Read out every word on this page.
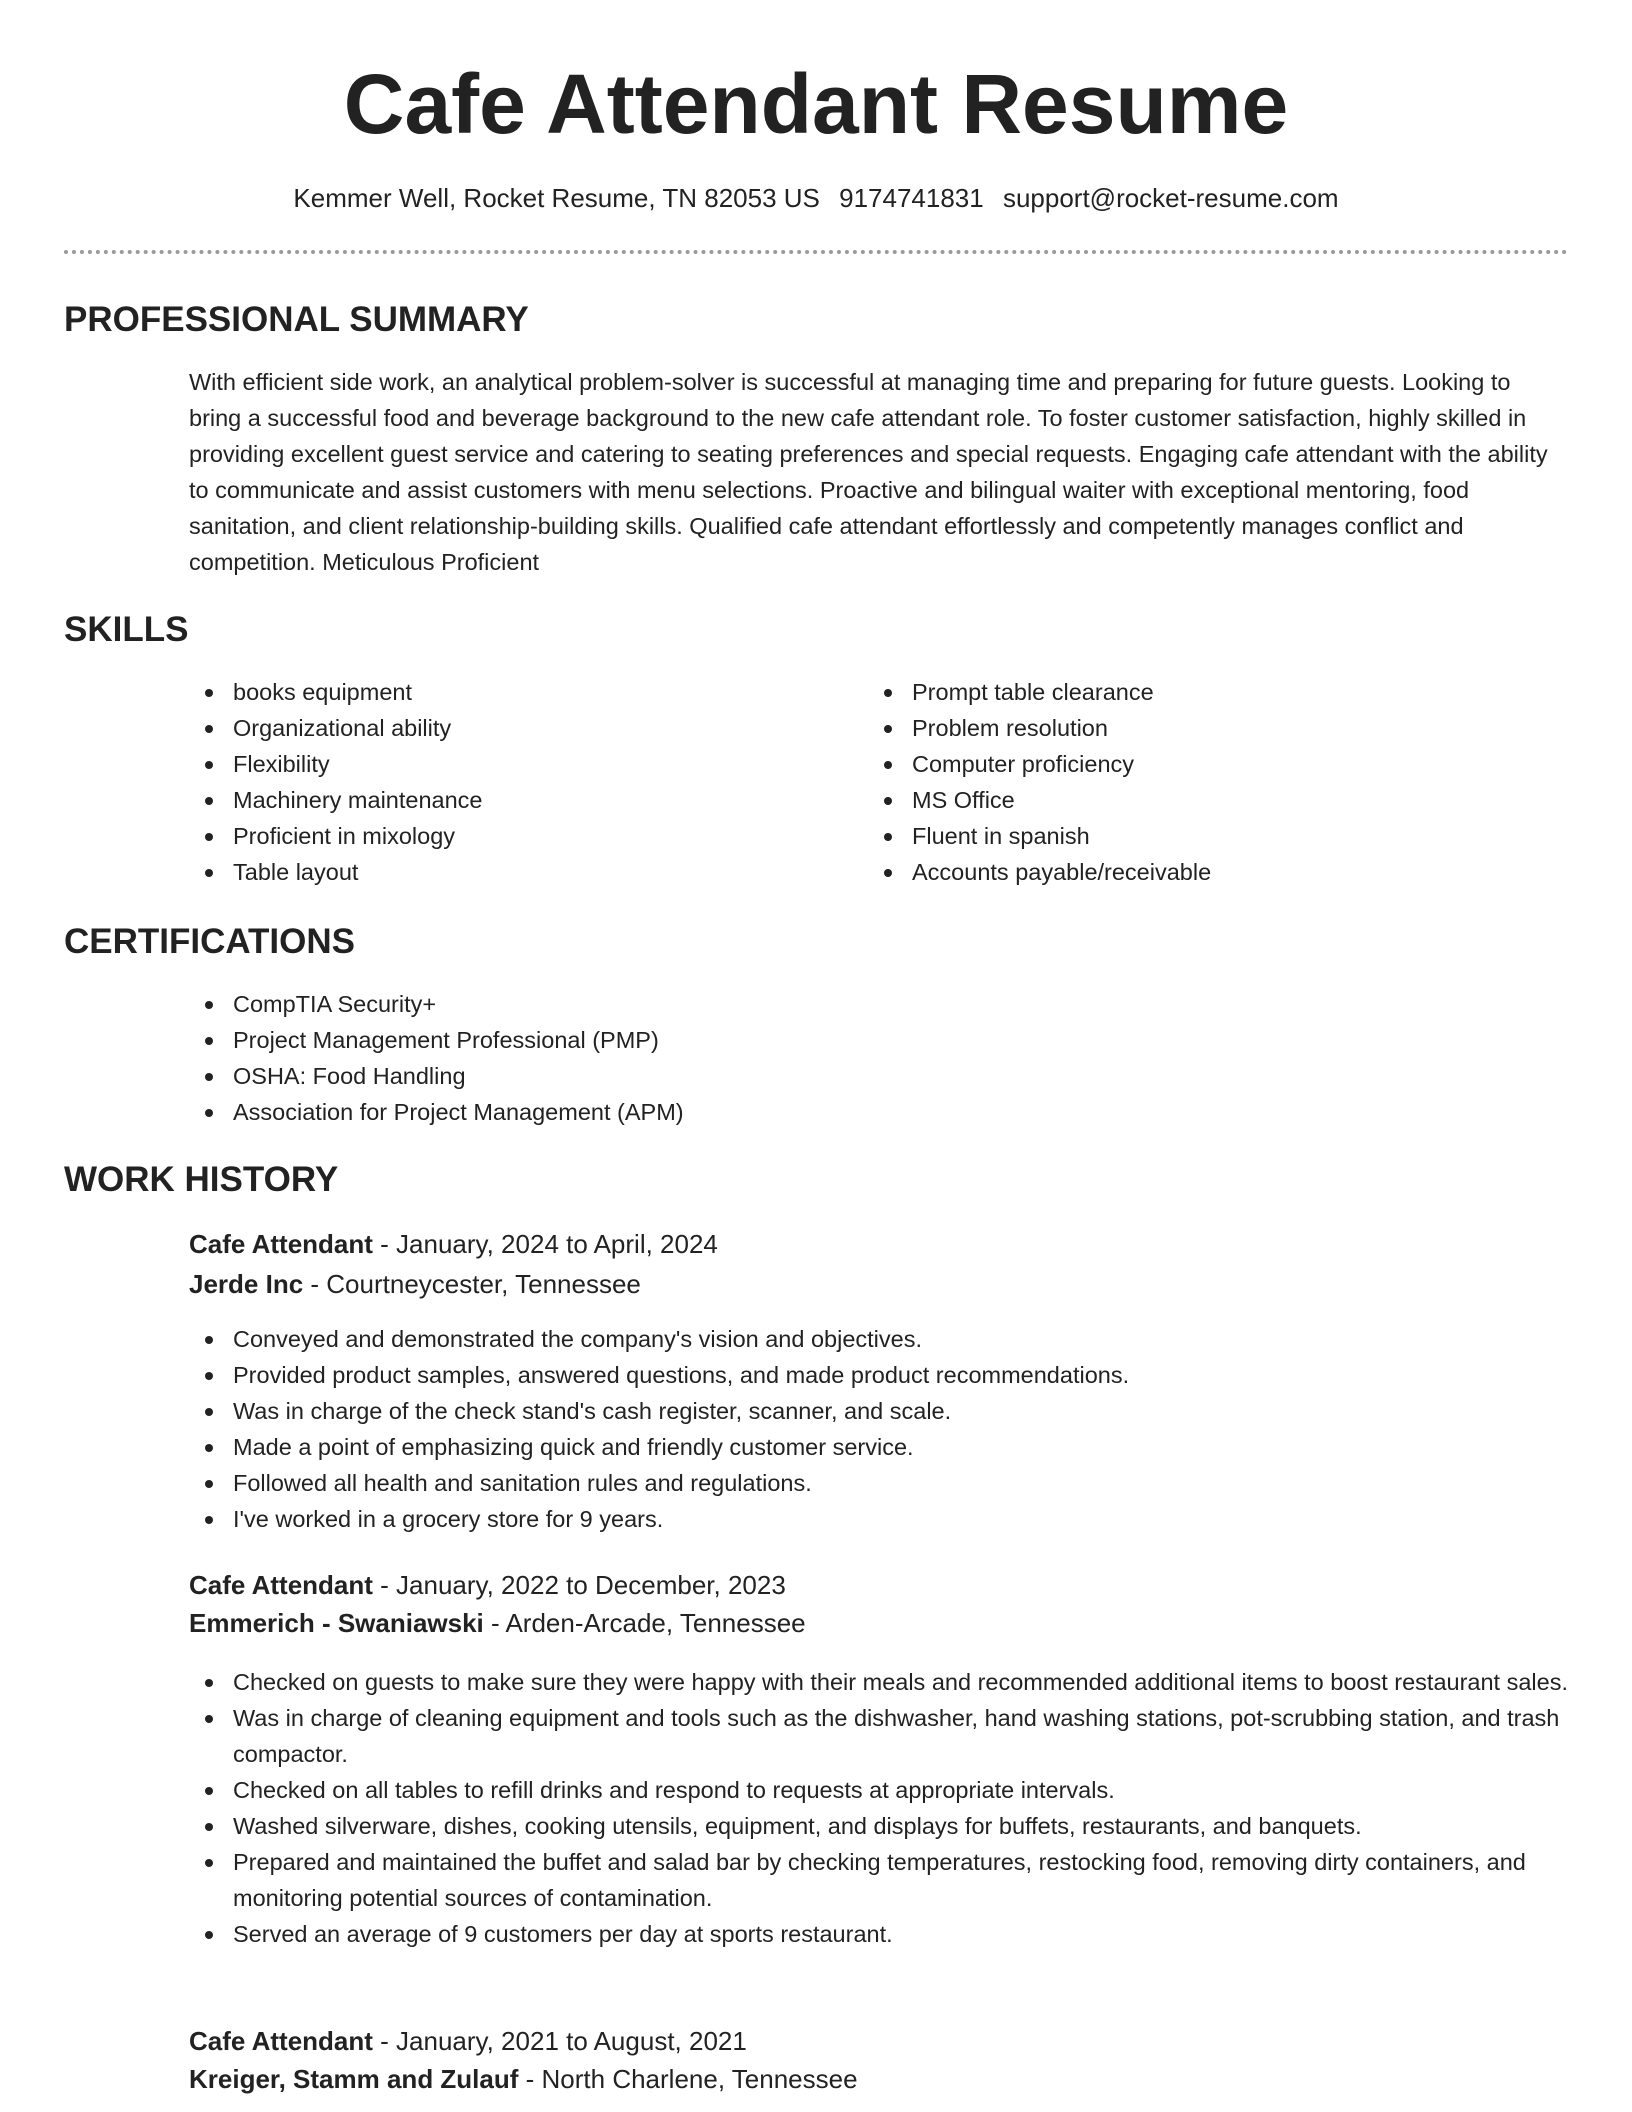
Cafe Attendant Resume
Kemmer Well, Rocket Resume, TN 82053 US 9174741831 support@rocket-resume.com
PROFESSIONAL SUMMARY

With efficient side work, an analytical problem-solver is successful at managing time and preparing for future guests. Looking to bring a successful food and beverage background to the new cafe attendant role. To foster customer satisfaction, highly skilled in providing excellent guest service and catering to seating preferences and special requests. Engaging cafe attendant with the ability to communicate and assist customers with menu selections. Proactive and bilingual waiter with exceptional mentoring, food sanitation, and client relationship-building skills. Qualified cafe attendant effortlessly and competently manages conflict and competition. Meticulous Proficient

SKILLS
books equipment
Organizational ability
Flexibility
Machinery maintenance
Proficient in mixology
Table layout
Prompt table clearance
Problem resolution
Computer proficiency
MS Office
Fluent in spanish
Accounts payable/receivable
CERTIFICATIONS
CompTIA Security+
Project Management Professional (PMP)
OSHA: Food Handling
Association for Project Management (APM)
WORK HISTORY
Cafe Attendant - January, 2024 to April, 2024
Jerde Inc - Courtneycester, Tennessee
Conveyed and demonstrated the company's vision and objectives.
Provided product samples, answered questions, and made product recommendations.
Was in charge of the check stand's cash register, scanner, and scale.
Made a point of emphasizing quick and friendly customer service.
Followed all health and sanitation rules and regulations.
I've worked in a grocery store for 9 years.
Cafe Attendant - January, 2022 to December, 2023
Emmerich - Swaniawski - Arden-Arcade, Tennessee
Checked on guests to make sure they were happy with their meals and recommended additional items to boost restaurant sales.
Was in charge of cleaning equipment and tools such as the dishwasher, hand washing stations, pot-scrubbing station, and trash compactor.
Checked on all tables to refill drinks and respond to requests at appropriate intervals.
Washed silverware, dishes, cooking utensils, equipment, and displays for buffets, restaurants, and banquets.
Prepared and maintained the buffet and salad bar by checking temperatures, restocking food, removing dirty containers, and monitoring potential sources of contamination.
Served an average of 9 customers per day at sports restaurant.
Cafe Attendant - January, 2021 to August, 2021
Kreiger, Stamm and Zulauf - North Charlene, Tennessee
